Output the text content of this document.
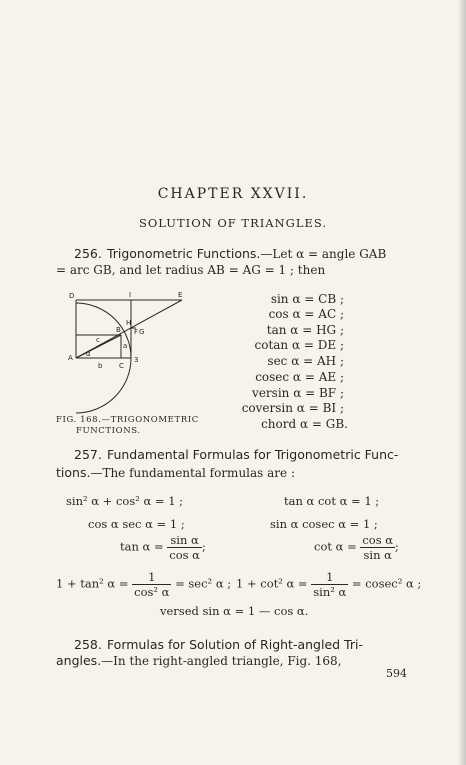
CHAPTER XXVII.
SOLUTION OF TRIANGLES.
256. Trigonometric Functions.—Let α = angle GAB
= arc GB, and let radius AB = AG = 1 ; then
D	I	E
H
B F G
c
a
α
A
b C
3
FIG. 168.—TRIGONOMETRIC
FUNCTIONS.
sin α = CB ;
cos α = AC ;
tan α = HG ;
cotan α = DE ;
sec α = AH ;
cosec α = AE ;
versin α = BF ;
coversin α = BI ;
chord α = GB.
257. Fundamental Formulas for Trigonometric Func-
tions.—The fundamental formulas are :
sin² α + cos² α = 1 ;	tan α cot α = 1 ;
cos α sec α = 1 ;	sin α cosec α = 1 ;
$\tan \alpha = \frac{\text{sin α}}{\text{cos α}}$ ;	$\cot \alpha = \frac{\text{cos α}}{\text{sin α}}$ ;
1 + tan² $\alpha = \frac{1}{\text{cos² α}} = \sec^2$ α ; 1 + cot² $\alpha = \frac{1}{\text{sin² α}} = cosec^2$ α ;
versed sin α = 1 — cos α.
258. Formulas for Solution of Right-angled Tri-
angles.—In the right-angled triangle, Fig. 168,
594
